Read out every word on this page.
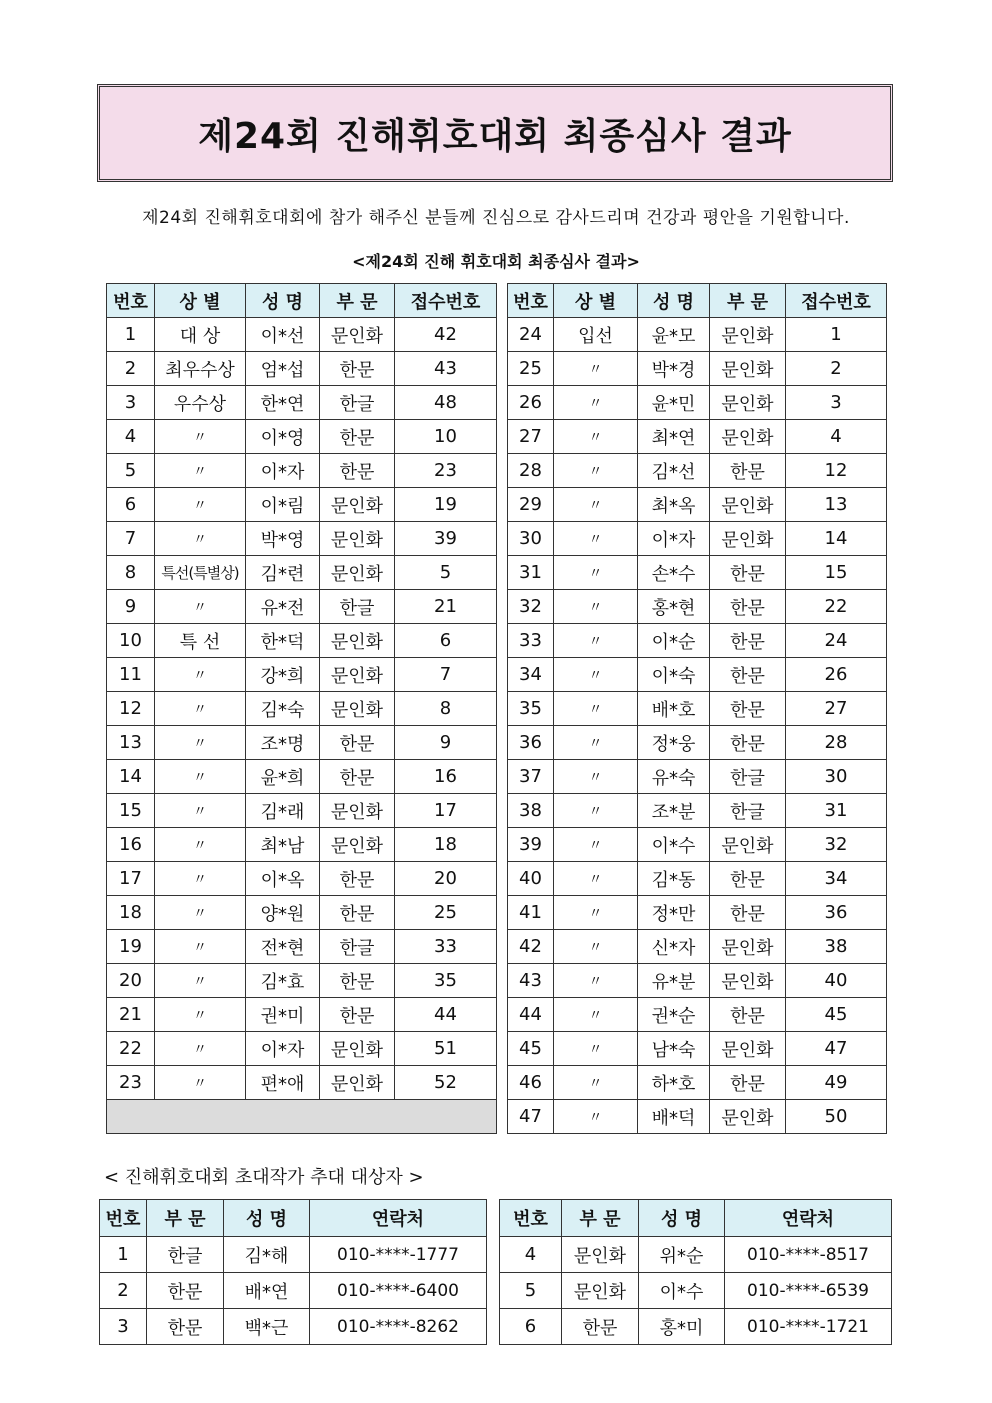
제24회 진해휘호대회 최종심사 결과
제24회 진해휘호대회에 참가 해주신 분들께 진심으로 감사드리며 건강과 평안을 기원합니다.
<제24회 진해 휘호대회 최종심사 결과>
번호	상 별	성 명	부 문	접수번호
1	대 상	이*선	문인화	42
2	최우수상	엄*섭	한문	43
3	우수상	한*연	한글	48
4	〃	이*영	한문	10
5	〃	이*자	한문	23
6	〃	이*림	문인화	19
7	〃	박*영	문인화	39
8	특선(특별상)	김*련	문인화	5
9	〃	유*전	한글	21
10	특 선	한*덕	문인화	6
11	〃	강*희	문인화	7
12	〃	김*숙	문인화	8
13	〃	조*명	한문	9
14	〃	윤*희	한문	16
15	〃	김*래	문인화	17
16	〃	최*남	문인화	18
17	〃	이*옥	한문	20
18	〃	양*원	한문	25
19	〃	전*현	한글	33
20	〃	김*효	한문	35
21	〃	권*미	한문	44
22	〃	이*자	문인화	51
23	〃	편*애	문인화	52

번호	상 별	성 명	부 문	접수번호
24	입선	윤*모	문인화	1
25	〃	박*경	문인화	2
26	〃	윤*민	문인화	3
27	〃	최*연	문인화	4
28	〃	김*선	한문	12
29	〃	최*옥	문인화	13
30	〃	이*자	문인화	14
31	〃	손*수	한문	15
32	〃	홍*현	한문	22
33	〃	이*순	한문	24
34	〃	이*숙	한문	26
35	〃	배*호	한문	27
36	〃	정*웅	한문	28
37	〃	유*숙	한글	30
38	〃	조*분	한글	31
39	〃	이*수	문인화	32
40	〃	김*동	한문	34
41	〃	정*만	한문	36
42	〃	신*자	문인화	38
43	〃	유*분	문인화	40
44	〃	권*순	한문	45
45	〃	남*숙	문인화	47
46	〃	하*호	한문	49
47	〃	배*덕	문인화	50
< 진해휘호대회 초대작가 추대 대상자 >
번호	부 문	성 명	연락처
1	한글	김*해	010-****-1777
2	한문	배*연	010-****-6400
3	한문	백*근	010-****-8262
번호	부 문	성 명	연락처
4	문인화	위*순	010-****-8517
5	문인화	이*수	010-****-6539
6	한문	홍*미	010-****-1721
